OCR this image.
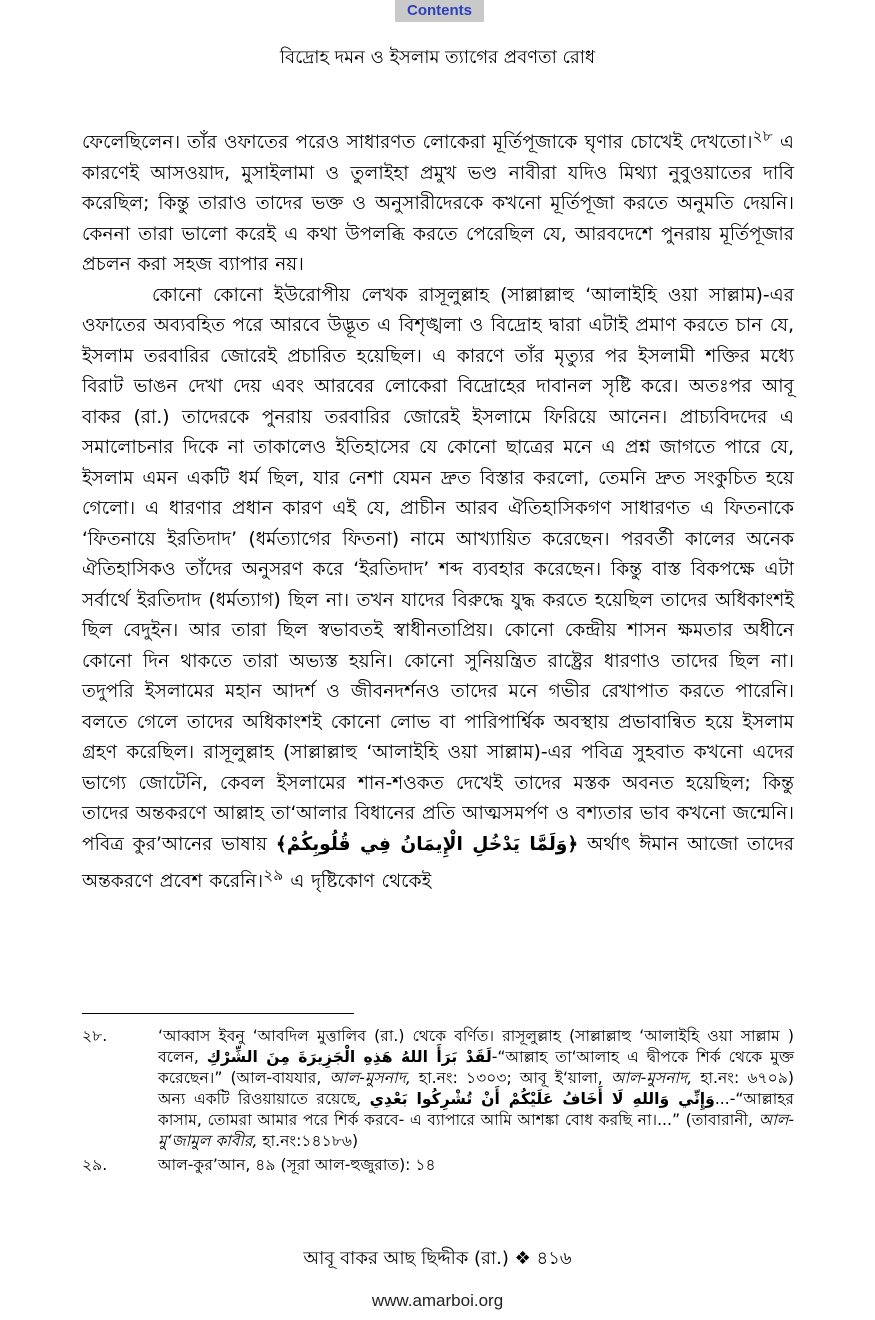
Contents
বিদ্রোহ দমন ও ইসলাম ত্যাগের প্রবণতা রোধ

ফেলেছিলেন। তাঁর ওফাতের পরেও সাধারণত লোকেরা মূর্তিপূজাকে ঘৃণার চোখেই দেখতো।$^{২৮}$ এ কারণেই আসওয়াদ, মুসাইলামা ও তুলাইহা প্রমুখ ভণ্ড নাবীরা যদিও মিথ্যা নুবুওয়াতের দাবি করেছিল; কিন্তু তারাও তাদের ভক্ত ও অনুসারীদেরকে কখনো মূর্তিপূজা করতে অনুমতি দেয়নি। কেননা তারা ভালো করেই এ কথা উপলব্ধি করতে পেরেছিল যে, আরবদেশে পুনরায় মূর্তিপূজার প্রচলন করা সহজ ব্যাপার নয়।

কোনো কোনো ইউরোপীয় লেখক রাসূলুল্লাহ (সাল্লাল্লাহু ‘আলাইহি ওয়া সাল্লাম)-এর ওফাতের অব্যবহিত পরে আরবে উদ্ভূত এ বিশৃঙ্খলা ও বিদ্রোহ দ্বারা এটাই প্রমাণ করতে চান যে, ইসলাম তরবারির জোরেই প্রচারিত হয়েছিল। এ কারণে তাঁর মৃত্যুর পর ইসলামী শক্তির মধ্যে বিরাট ভাঙন দেখা দেয় এবং আরবের লোকেরা বিদ্রোহের দাবানল সৃষ্টি করে। অতঃপর আবূ বাকর (রা.) তাদেরকে পুনরায় তরবারির জোরেই ইসলামে ফিরিয়ে আনেন। প্রাচ্যবিদদের এ সমালোচনার দিকে না তাকালেও ইতিহাসের যে কোনো ছাত্রের মনে এ প্রশ্ন জাগতে পারে যে, ইসলাম এমন একটি ধর্ম ছিল, যার নেশা যেমন দ্রুত বিস্তার করলো, তেমনি দ্রুত সংকুচিত হয়ে গেলো। এ ধারণার প্রধান কারণ এই যে, প্রাচীন আরব ঐতিহাসিকগণ সাধারণত এ ফিতনাকে ‘ফিতনায়ে ইরতিদাদ’ (ধর্মত্যাগের ফিতনা) নামে আখ্যায়িত করেছেন। পরবর্তী কালের অনেক ঐতিহাসিকও তাঁদের অনুসরণ করে ‘ইরতিদাদ’ শব্দ ব্যবহার করেছেন। কিন্তু বাস্ত বিকপক্ষে এটা সর্বার্থে ইরতিদাদ (ধর্মত্যাগ) ছিল না। তখন যাদের বিরুদ্ধে যুদ্ধ করতে হয়েছিল তাদের অধিকাংশই ছিল বেদুইন। আর তারা ছিল স্বভাবতই স্বাধীনতাপ্রিয়। কোনো কেন্দ্রীয় শাসন ক্ষমতার অধীনে কোনো দিন থাকতে তারা অভ্যস্ত হয়নি। কোনো সুনিয়ন্ত্রিত রাষ্ট্রের ধারণাও তাদের ছিল না। তদুপরি ইসলামের মহান আদর্শ ও জীবনদর্শনও তাদের মনে গভীর রেখাপাত করতে পারেনি। বলতে গেলে তাদের অধিকাংশই কোনো লোভ বা পারিপার্শ্বিক অবস্থায় প্রভাবান্বিত হয়ে ইসলাম গ্রহণ করেছিল। রাসূলুল্লাহ (সাল্লাল্লাহু ‘আলাইহি ওয়া সাল্লাম)-এর পবিত্র সুহবাত কখনো এদের ভাগ্যে জোটেনি, কেবল ইসলামের শান-শওকত দেখেই তাদের মস্তক অবনত হয়েছিল; কিন্তু তাদের অন্তকরণে আল্লাহ তা‘আলার বিধানের প্রতি আত্মসমর্পণ ও বশ্যতার ভাব কখনো জন্মেনি। পবিত্র কুর’আনের ভাষায় ﴿وَلَمَّا يَدْخُلِ الْإِيمَانُ فِي قُلُوبِكُمْ﴾ অর্থাৎ ঈমান আজো তাদের অন্তকরণে প্রবেশ করেনি।$^{২৯}$ এ দৃষ্টিকোণ থেকেই

২৮.	‘আব্বাস ইবনু ‘আবদিল মুত্তালিব (রা.) থেকে বর্ণিত। রাসূলুল্লাহ (সাল্লাল্লাহু ‘আলাইহি ওয়া সাল্লাম ) বলেন, لَقَدْ بَرَأَ اللهُ هَذِهِ الْجَزِيرَةَ مِنَ الشِّرْكِ-“আল্লাহ তা‘আলাহ এ দ্বীপকে শির্ক থেকে মুক্ত করেছেন।” (আল-বাযযার, আল-মুসনাদ, হা.নং: ১৩০৩; আবূ ই‘য়ালা, আল-মুসনাদ, হা.নং: ৬৭০৯) অন্য একটি রিওয়ায়াতে রয়েছে, وَإِنِّي وَاللهِ لَا أَخَافُ عَلَيْكُمْ أَنْ تُشْرِكُوا بَعْدِي...-“আল্লাহর কাসাম, তোমরা আমার পরে শির্ক করবে- এ ব্যাপারে আমি আশঙ্কা বোধ করছি না।...” (তাবারানী, আল-মু‘জামুল কাবীর, হা.নং:১৪১৮৬)
২৯.	আল-কুর’আন, ৪৯ (সূরা আল-হুজুরাত): ১৪
আবূ বাকর আছ ছিদ্দীক (রা.) ❖ ৪১৬
www.amarboi.org
